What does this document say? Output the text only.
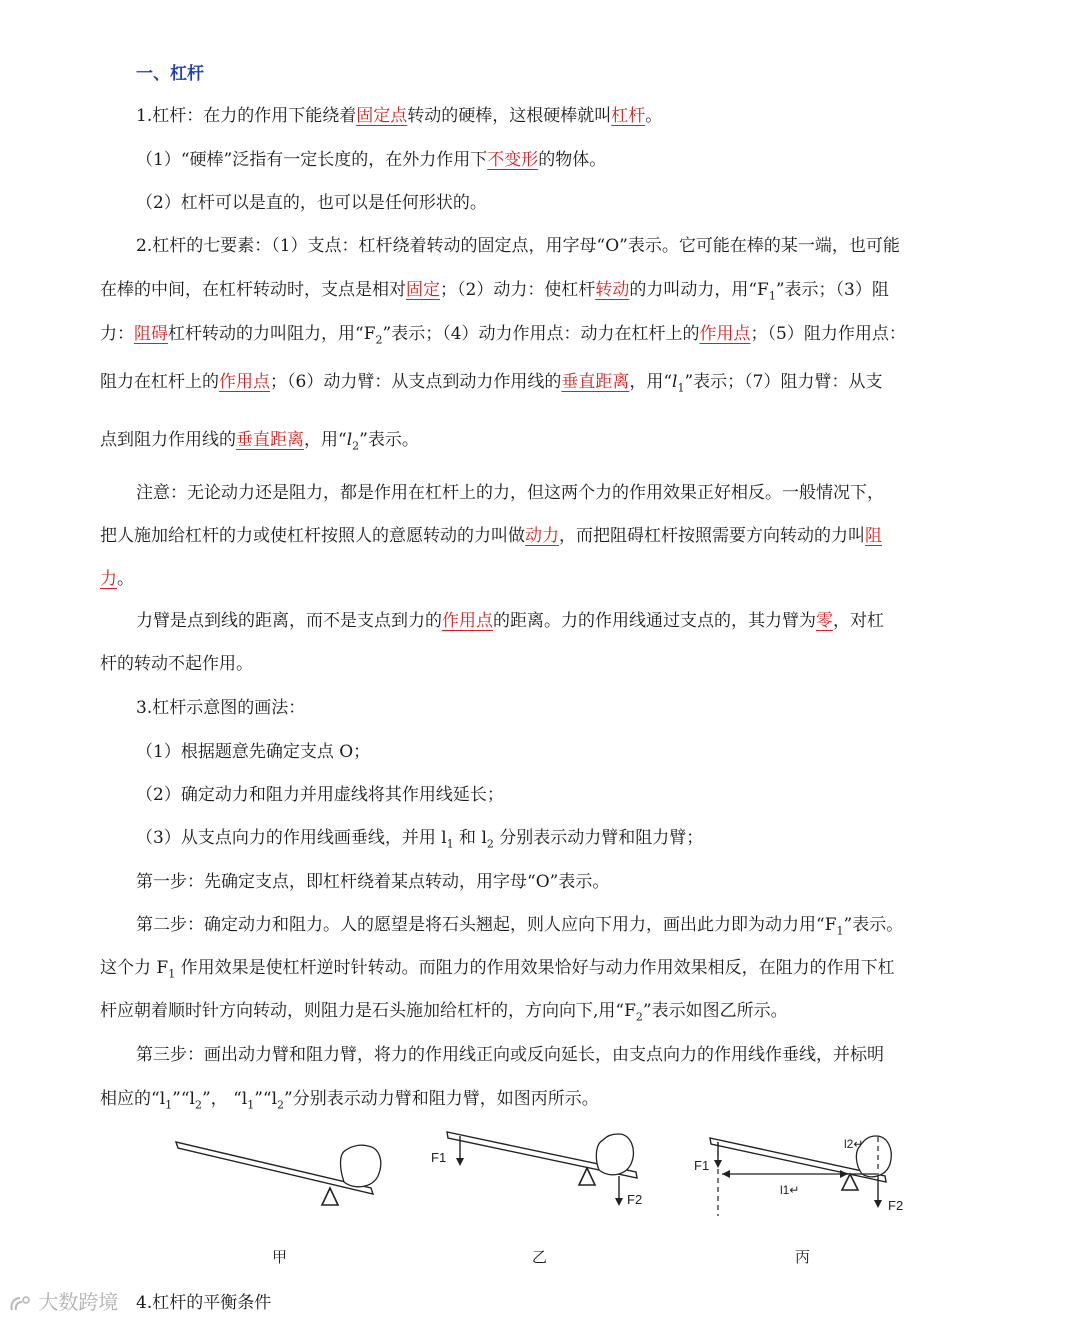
一、杠杆
1.杠杆：在力的作用下能绕着固定点转动的硬棒，这根硬棒就叫杠杆。
（1）“硬棒”泛指有一定长度的，在外力作用下不变形的物体。
（2）杠杆可以是直的，也可以是任何形状的。
2.杠杆的七要素：（1）支点：杠杆绕着转动的固定点，用字母“O”表示。它可能在棒的某一端，也可能
在棒的中间，在杠杆转动时，支点是相对固定；（2）动力：使杠杆转动的力叫动力，用“$F_1$”表示；（3）阻
力：阻碍杠杆转动的力叫阻力，用“$F_2$”表示；（4）动力作用点：动力在杠杆上的作用点；（5）阻力作用点：
阻力在杠杆上的作用点；（6）动力臂：从支点到动力作用线的垂直距离，用“$l_1$”表示；（7）阻力臂：从支
点到阻力作用线的垂直距离，用“$l_2$”表示。
注意：无论动力还是阻力，都是作用在杠杆上的力，但这两个力的作用效果正好相反。一般情况下，
把人施加给杠杆的力或使杠杆按照人的意愿转动的力叫做动力，而把阻碍杠杆按照需要方向转动的力叫阻
力。
力臂是点到线的距离，而不是支点到力的作用点的距离。力的作用线通过支点的，其力臂为零，对杠
杆的转动不起作用。
3.杠杆示意图的画法：
（1）根据题意先确定支点 O；
（2）确定动力和阻力并用虚线将其作用线延长；
（3）从支点向力的作用线画垂线，并用 $l_1$ 和 $l_2$ 分别表示动力臂和阻力臂；
第一步：先确定支点，即杠杆绕着某点转动，用字母“O”表示。
第二步：确定动力和阻力。人的愿望是将石头翘起，则人应向下用力，画出此力即为动力用“$F_1$”表示。
这个力 $F_1$ 作用效果是使杠杆逆时针转动。而阻力的作用效果恰好与动力作用效果相反，在阻力的作用下杠
杆应朝着顺时针方向转动，则阻力是石头施加给杠杆的，方向向下,用“$F_2$”表示如图乙所示。
第三步：画出动力臂和阻力臂，将力的作用线正向或反向延长，由支点向力的作用线作垂线，并标明
相应的“$l_1”“l_2$”， “$l_1”“l_2$”分别表示动力臂和阻力臂，如图丙所示。
F1
F2
F1
l1↵
l2↵
F2
甲	乙	丙
大数跨境 4.杠杆的平衡条件
